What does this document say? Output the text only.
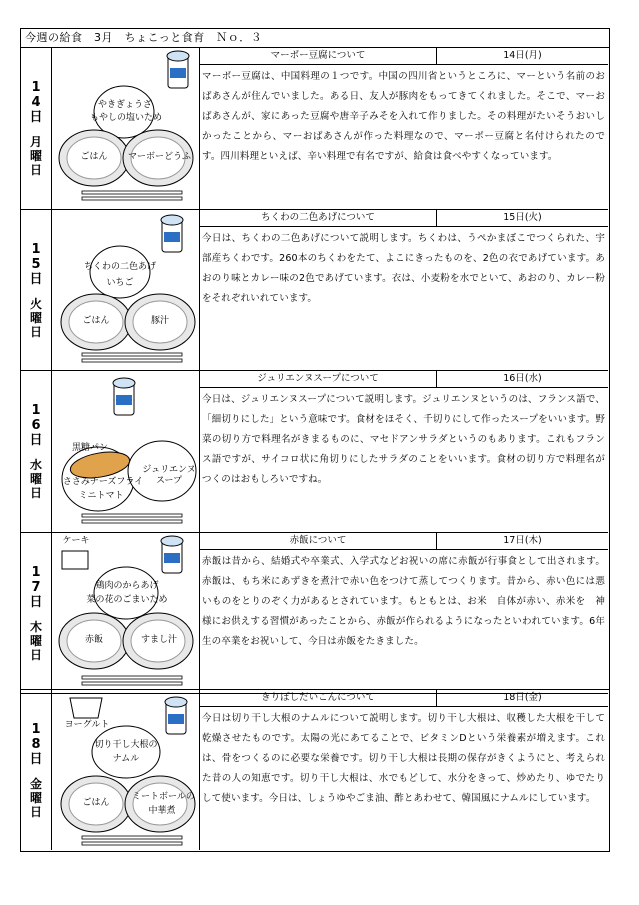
今週の給食　3月　ちょこっと食育　Ｎｏ．３
1
4
日
月
曜
日
やきぎょうざ
もやしの塩いため
ごはん	マーボーどうふ
マーボー豆腐について	14日(月)
マーボー豆腐は、中国料理の１つです。中国の四川省というところに、マーという名前のおばあさんが住んでいました。ある日、友人が豚肉をもってきてくれました。そこで、マーおばあさんが、家にあった豆腐や唐辛子みそを入れて作りました。その料理がたいそうおいしかったことから、マーおばあさんが作った料理なので、マーボー豆腐と名付けられたのです。四川料理といえば、辛い料理で有名ですが、給食は食べやすくなっています。
1
5
日
火
曜
日
ちくわの二色あげ
いちご
ごはん	豚汁
ちくわの二色あげについて	15日(火)
今日は、ちくわの二色あげについて説明します。ちくわは、うぺかまぼこでつくられた、宇部産ちくわです。260本のちくわをたて、よこにきったものを、2色の衣であげています。あおのり味とカレー味の2色であげています。衣は、小麦粉を水でといて、あおのり、カレー粉をそれぞれいれています。
1
6
日
水
曜
日
黒糖パン
ささみチーズフライ
ミニトマト
ジュリエンヌスープ
ジュリエンヌスープについて	16日(水)
今日は、ジュリエンヌスープについて説明します。ジュリエンヌというのは、フランス語で、「細切りにした」という意味です。食材をほそく、千切りにして作ったスープをいいます。野菜の切り方で料理名がきまるものに、マセドアンサラダというのもあります。これもフランス語ですが、サイコロ状に角切りにしたサラダのことをいいます。食材の切り方で料理名がつくのはおもしろいですね。
1
7
日
木
曜
日
ケーキ
鶏肉のからあげ
菜の花のごまいため
赤飯	すまし汁
赤飯について	17日(木)
赤飯は昔から、結婚式や卒業式、入学式などお祝いの席に赤飯が行事食として出されます。赤飯は、もち米にあずきを煮汁で赤い色をつけて蒸してつくります。昔から、赤い色には悪いものをとりのぞく力があるとされています。もともとは、お米　自体が赤い、赤米を　神様にお供えする習慣があったことから、赤飯が作られるようになったといわれています。6年生の卒業をお祝いして、今日は赤飯をたきました。
1
8
日
金
曜
日
ヨーグルト
切り干し大根の
ナムル
ごはん
ミートボールの
中華煮
きりぼしだいこんについて	18日(金)
今日は切り干し大根のナムルについて説明します。切り干し大根は、収穫した大根を干して乾燥させたものです。太陽の光にあてることで、ビタミンDという栄養素が増えます。これは、骨をつくるのに必要な栄養です。切り干し大根は長期の保存がきくようにと、考えられた昔の人の知恵です。切り干し大根は、水でもどして、水分をきって、炒めたり、ゆでたりして使います。今日は、しょうゆやごま油、酢とあわせて、韓国風にナムルにしています。
